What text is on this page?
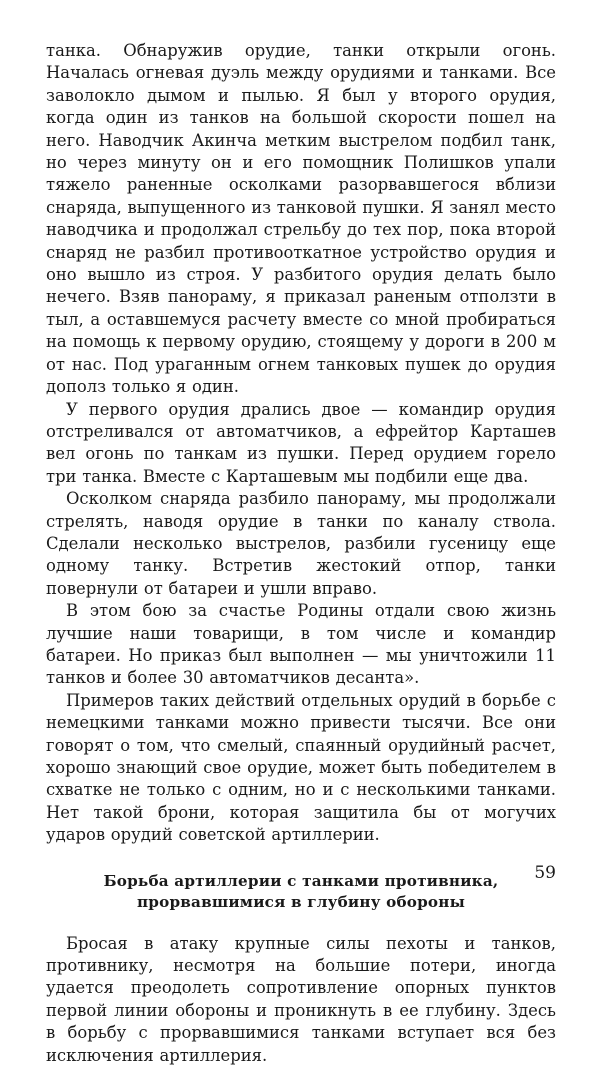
танка. Обнаружив орудие, танки открыли огонь. Началась огневая дуэль между орудиями и танками. Все заволокло дымом и пылью. Я был у второго орудия, когда один из танков на большой скорости пошел на него. Наводчик Акинча метким выстрелом подбил танк, но через минуту он и его помощник Полишков упали тяжело раненные осколками разорвавшегося вблизи снаряда, выпущенного из танковой пушки. Я занял место наводчика и продолжал стрельбу до тех пор, пока второй снаряд не разбил противооткатное устройство орудия и оно вышло из строя. У разбитого орудия делать было нечего. Взяв панораму, я приказал раненым отползти в тыл, а оставшемуся расчету вместе со мной пробираться на помощь к первому орудию, стоящему у дороги в 200 м от нас. Под ураганным огнем танковых пушек до орудия дополз только я один.

У первого орудия дрались двое — командир орудия отстреливался от автоматчиков, а ефрейтор Карташев вел огонь по танкам из пушки. Перед орудием горело три танка. Вместе с Карташевым мы подбили еще два.

Осколком снаряда разбило панораму, мы продолжали стрелять, наводя орудие в танки по каналу ствола. Сделали несколько выстрелов, разбили гусеницу еще одному танку. Встретив жестокий отпор, танки повернули от батареи и ушли вправо.

В этом бою за счастье Родины отдали свою жизнь лучшие наши товарищи, в том числе и командир батареи. Но приказ был выполнен — мы уничтожили 11 танков и более 30 автоматчиков десанта».

Примеров таких действий отдельных орудий в борьбе с немецкими танками можно привести тысячи. Все они говорят о том, что смелый, спаянный орудийный расчет, хорошо знающий свое орудие, может быть победителем в схватке не только с одним, но и с несколькими танками. Нет такой брони, которая защитила бы от могучих ударов орудий советской артиллерии.

Борьба артиллерии с танками противника, прорвавшимися в глубину обороны

Бросая в атаку крупные силы пехоты и танков, противнику, несмотря на большие потери, иногда удается преодолеть сопротивление опорных пунктов первой линии обороны и проникнуть в ее глубину. Здесь в борьбу с прорвавшимися танками вступает вся без исключения артиллерия.

59
